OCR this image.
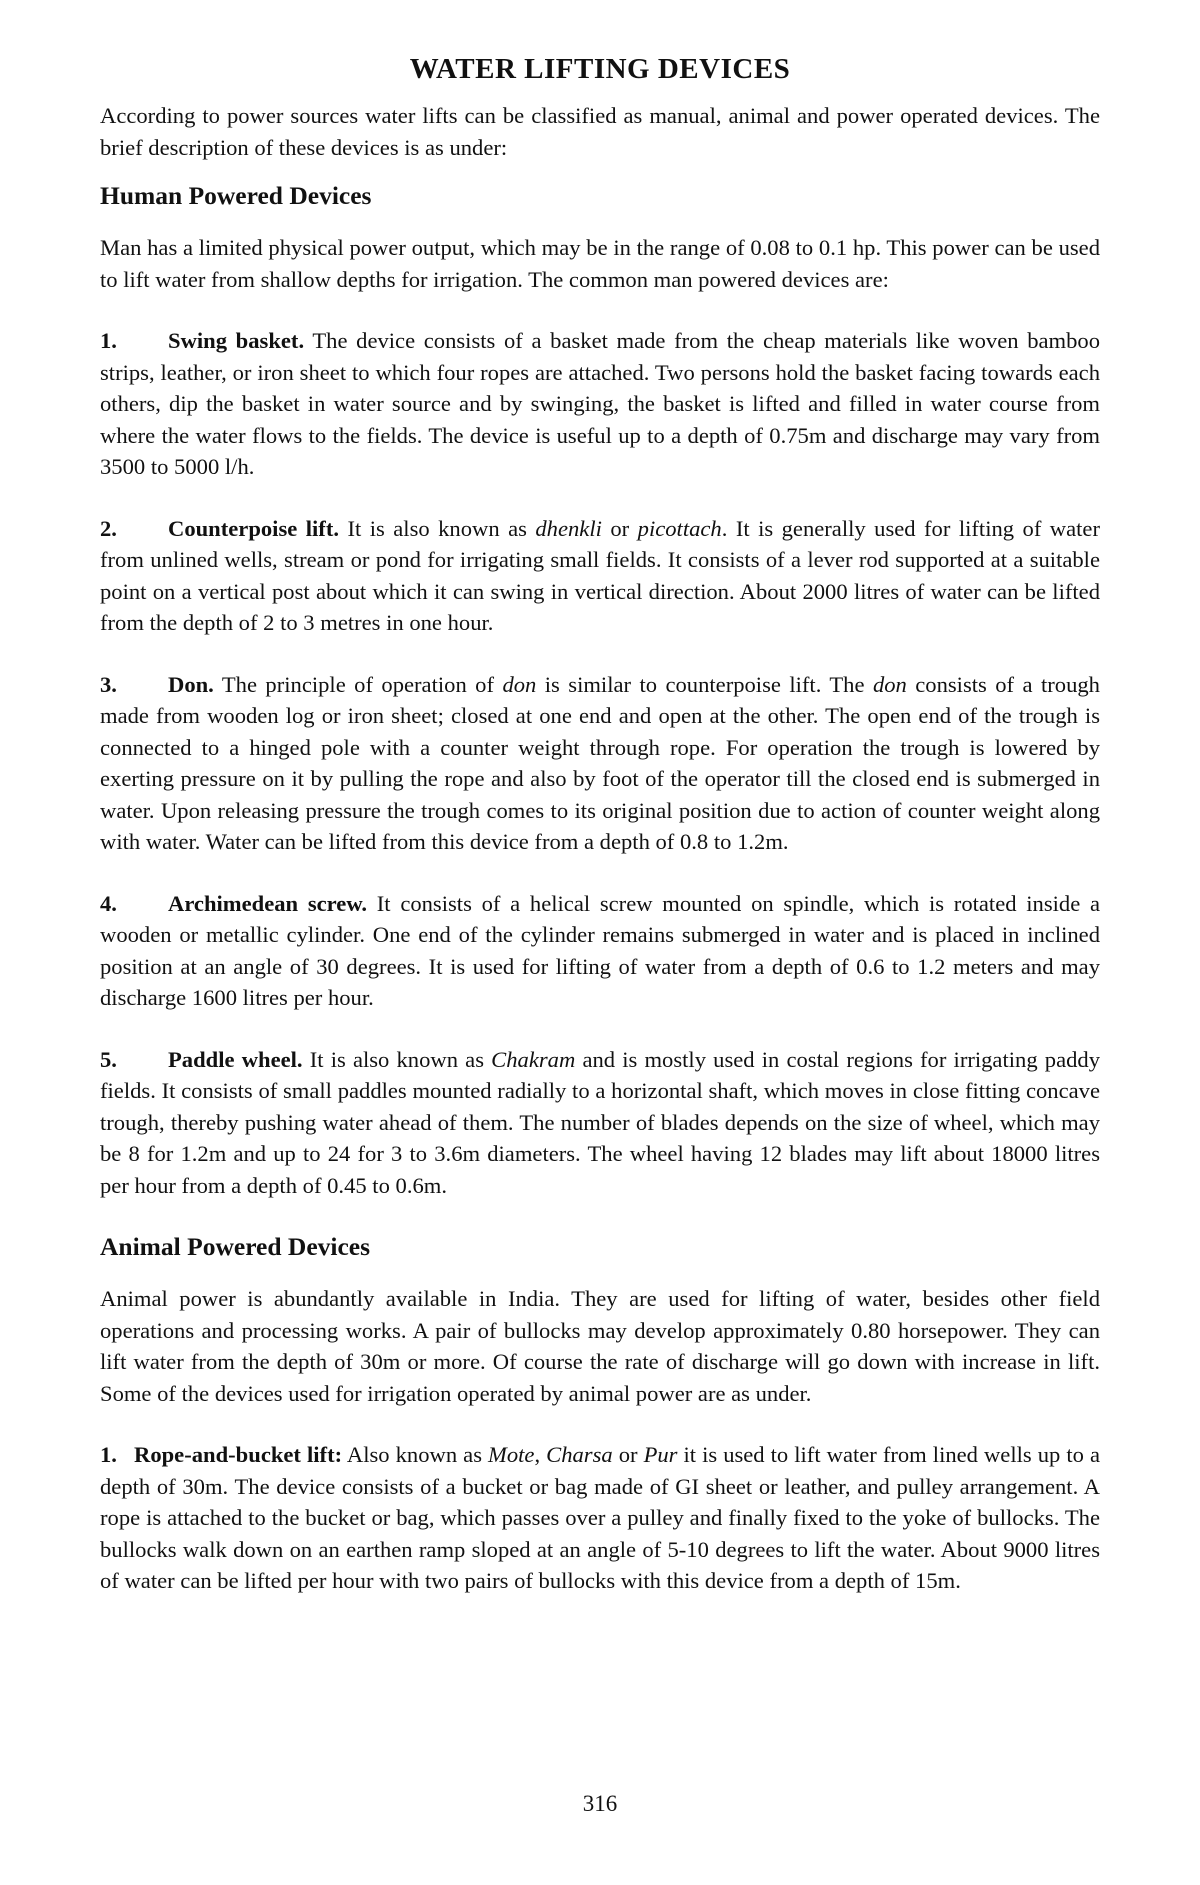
WATER LIFTING DEVICES

According to power sources water lifts can be classified as manual, animal and power operated devices. The brief description of these devices is as under:

Human Powered Devices

Man has a limited physical power output, which may be in the range of 0.08 to 0.1 hp. This power can be used to lift water from shallow depths for irrigation. The common man powered devices are:

1. Swing basket. The device consists of a basket made from the cheap materials like woven bamboo strips, leather, or iron sheet to which four ropes are attached. Two persons hold the basket facing towards each others, dip the basket in water source and by swinging, the basket is lifted and filled in water course from where the water flows to the fields. The device is useful up to a depth of 0.75m and discharge may vary from 3500 to 5000 l/h.

2. Counterpoise lift. It is also known as dhenkli or picottach. It is generally used for lifting of water from unlined wells, stream or pond for irrigating small fields. It consists of a lever rod supported at a suitable point on a vertical post about which it can swing in vertical direction. About 2000 litres of water can be lifted from the depth of 2 to 3 metres in one hour.

3. Don. The principle of operation of don is similar to counterpoise lift. The don consists of a trough made from wooden log or iron sheet; closed at one end and open at the other. The open end of the trough is connected to a hinged pole with a counter weight through rope. For operation the trough is lowered by exerting pressure on it by pulling the rope and also by foot of the operator till the closed end is submerged in water. Upon releasing pressure the trough comes to its original position due to action of counter weight along with water. Water can be lifted from this device from a depth of 0.8 to 1.2m.

4. Archimedean screw. It consists of a helical screw mounted on spindle, which is rotated inside a wooden or metallic cylinder. One end of the cylinder remains submerged in water and is placed in inclined position at an angle of 30 degrees. It is used for lifting of water from a depth of 0.6 to 1.2 meters and may discharge 1600 litres per hour.

5. Paddle wheel. It is also known as Chakram and is mostly used in costal regions for irrigating paddy fields. It consists of small paddles mounted radially to a horizontal shaft, which moves in close fitting concave trough, thereby pushing water ahead of them. The number of blades depends on the size of wheel, which may be 8 for 1.2m and up to 24 for 3 to 3.6m diameters. The wheel having 12 blades may lift about 18000 litres per hour from a depth of 0.45 to 0.6m.

Animal Powered Devices

Animal power is abundantly available in India. They are used for lifting of water, besides other field operations and processing works. A pair of bullocks may develop approximately 0.80 horsepower. They can lift water from the depth of 30m or more. Of course the rate of discharge will go down with increase in lift. Some of the devices used for irrigation operated by animal power are as under.

1. Rope-and-bucket lift: Also known as Mote, Charsa or Pur it is used to lift water from lined wells up to a depth of 30m. The device consists of a bucket or bag made of GI sheet or leather, and pulley arrangement. A rope is attached to the bucket or bag, which passes over a pulley and finally fixed to the yoke of bullocks. The bullocks walk down on an earthen ramp sloped at an angle of 5-10 degrees to lift the water. About 9000 litres of water can be lifted per hour with two pairs of bullocks with this device from a depth of 15m.

316
